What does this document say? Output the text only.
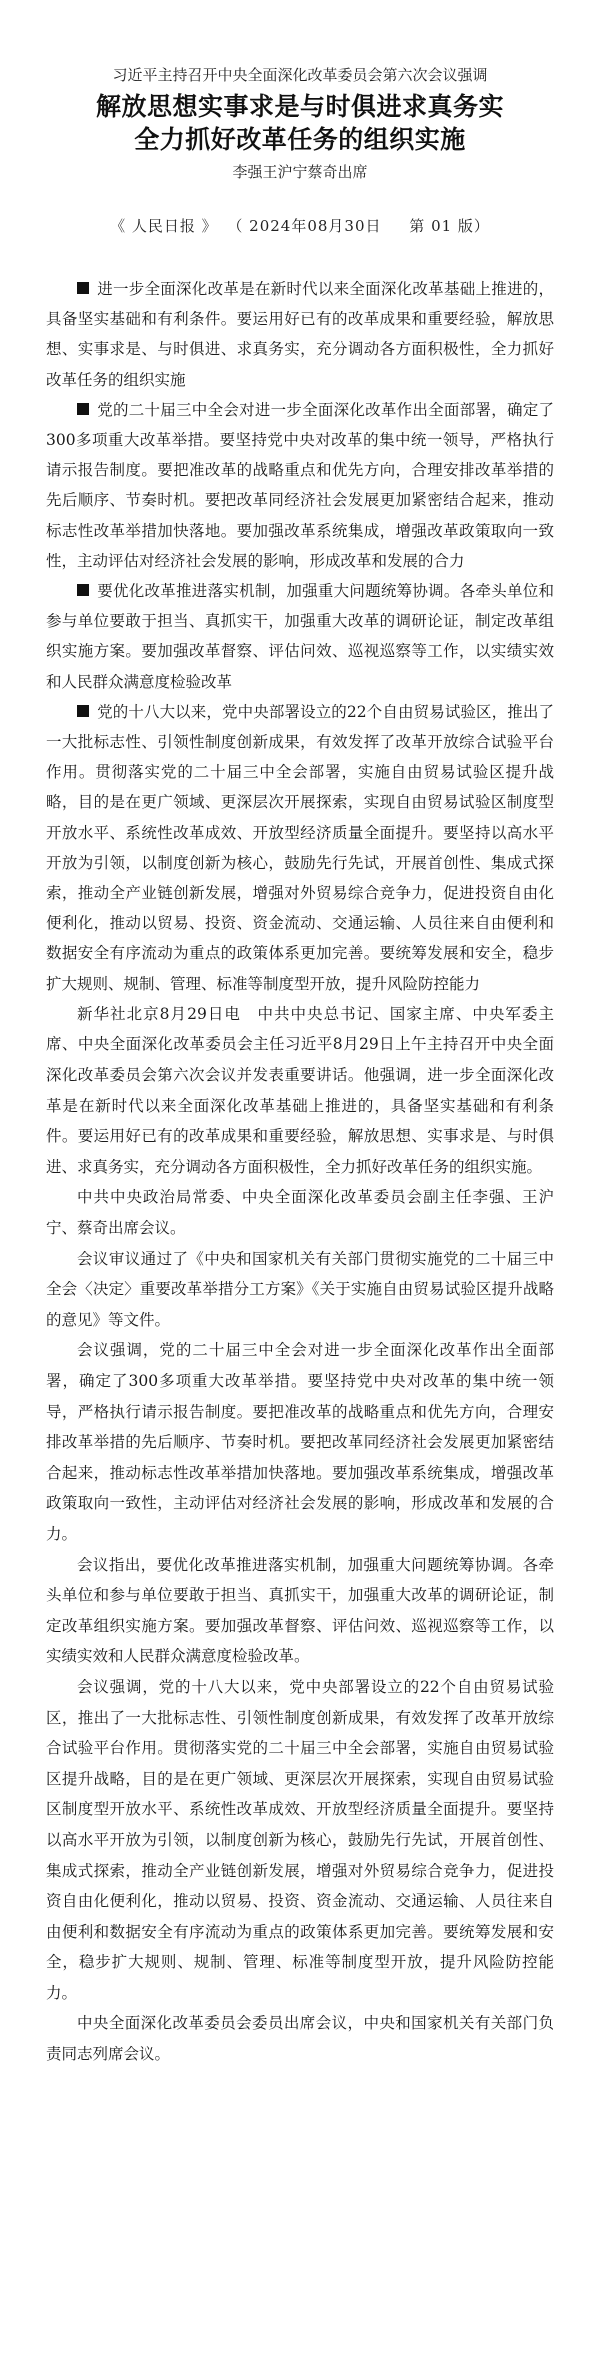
习近平主持召开中央全面深化改革委员会第六次会议强调

解放思想实事求是与时俱进求真务实
全力抓好改革任务的组织实施

李强王沪宁蔡奇出席

《 人民日报 》 （ 2024年08月30日 第 01 版）

进一步全面深化改革是在新时代以来全面深化改革基础上推进的，具备坚实基础和有利条件。要运用好已有的改革成果和重要经验，解放思想、实事求是、与时俱进、求真务实，充分调动各方面积极性，全力抓好改革任务的组织实施

党的二十届三中全会对进一步全面深化改革作出全面部署，确定了300多项重大改革举措。要坚持党中央对改革的集中统一领导，严格执行请示报告制度。要把准改革的战略重点和优先方向，合理安排改革举措的先后顺序、节奏时机。要把改革同经济社会发展更加紧密结合起来，推动标志性改革举措加快落地。要加强改革系统集成，增强改革政策取向一致性，主动评估对经济社会发展的影响，形成改革和发展的合力

要优化改革推进落实机制，加强重大问题统筹协调。各牵头单位和参与单位要敢于担当、真抓实干，加强重大改革的调研论证，制定改革组织实施方案。要加强改革督察、评估问效、巡视巡察等工作，以实绩实效和人民群众满意度检验改革

党的十八大以来，党中央部署设立的22个自由贸易试验区，推出了一大批标志性、引领性制度创新成果，有效发挥了改革开放综合试验平台作用。贯彻落实党的二十届三中全会部署，实施自由贸易试验区提升战略，目的是在更广领域、更深层次开展探索，实现自由贸易试验区制度型开放水平、系统性改革成效、开放型经济质量全面提升。要坚持以高水平开放为引领，以制度创新为核心，鼓励先行先试，开展首创性、集成式探索，推动全产业链创新发展，增强对外贸易综合竞争力，促进投资自由化便利化，推动以贸易、投资、资金流动、交通运输、人员往来自由便利和数据安全有序流动为重点的政策体系更加完善。要统筹发展和安全，稳步扩大规则、规制、管理、标准等制度型开放，提升风险防控能力

新华社北京8月29日电　中共中央总书记、国家主席、中央军委主席、中央全面深化改革委员会主任习近平8月29日上午主持召开中央全面深化改革委员会第六次会议并发表重要讲话。他强调，进一步全面深化改革是在新时代以来全面深化改革基础上推进的，具备坚实基础和有利条件。要运用好已有的改革成果和重要经验，解放思想、实事求是、与时俱进、求真务实，充分调动各方面积极性，全力抓好改革任务的组织实施。

中共中央政治局常委、中央全面深化改革委员会副主任李强、王沪宁、蔡奇出席会议。

会议审议通过了《中央和国家机关有关部门贯彻实施党的二十届三中全会〈决定〉重要改革举措分工方案》《关于实施自由贸易试验区提升战略的意见》等文件。

会议强调，党的二十届三中全会对进一步全面深化改革作出全面部署，确定了300多项重大改革举措。要坚持党中央对改革的集中统一领导，严格执行请示报告制度。要把准改革的战略重点和优先方向，合理安排改革举措的先后顺序、节奏时机。要把改革同经济社会发展更加紧密结合起来，推动标志性改革举措加快落地。要加强改革系统集成，增强改革政策取向一致性，主动评估对经济社会发展的影响，形成改革和发展的合力。

会议指出，要优化改革推进落实机制，加强重大问题统筹协调。各牵头单位和参与单位要敢于担当、真抓实干，加强重大改革的调研论证，制定改革组织实施方案。要加强改革督察、评估问效、巡视巡察等工作，以实绩实效和人民群众满意度检验改革。

会议强调，党的十八大以来，党中央部署设立的22个自由贸易试验区，推出了一大批标志性、引领性制度创新成果，有效发挥了改革开放综合试验平台作用。贯彻落实党的二十届三中全会部署，实施自由贸易试验区提升战略，目的是在更广领域、更深层次开展探索，实现自由贸易试验区制度型开放水平、系统性改革成效、开放型经济质量全面提升。要坚持以高水平开放为引领，以制度创新为核心，鼓励先行先试，开展首创性、集成式探索，推动全产业链创新发展，增强对外贸易综合竞争力，促进投资自由化便利化，推动以贸易、投资、资金流动、交通运输、人员往来自由便利和数据安全有序流动为重点的政策体系更加完善。要统筹发展和安全，稳步扩大规则、规制、管理、标准等制度型开放，提升风险防控能力。

中央全面深化改革委员会委员出席会议，中央和国家机关有关部门负责同志列席会议。
